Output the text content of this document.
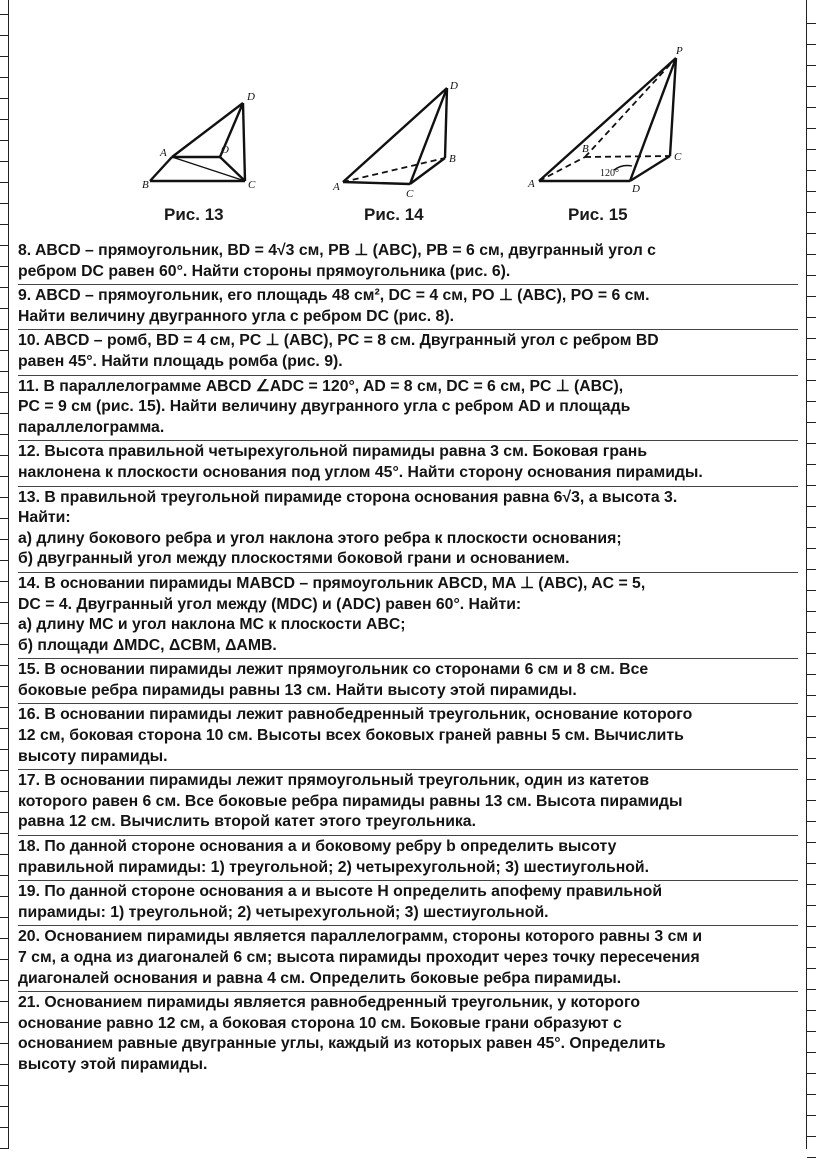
D
A	O
B	C
D
A
B
C
P
B
C
A	D
120°
Рис. 13	Рис. 14	Рис. 15
8. ABCD – прямоугольник, BD = 4√3 см, PB ⊥ (ABC), PB = 6 см, двугранный угол с
ребром DC равен 60°. Найти стороны прямоугольника (рис. 6).
9. ABCD – прямоугольник, его площадь 48 см², DC = 4 см, PO ⊥ (ABC), PO = 6 см.
Найти величину двугранного угла с ребром DC (рис. 8).
10. ABCD – ромб, BD = 4 см, PC ⊥ (ABC), PC = 8 см. Двугранный угол с ребром BD
равен 45°. Найти площадь ромба (рис. 9).
11. В параллелограмме ABCD ∠ADC = 120°, AD = 8 см, DC = 6 см, PC ⊥ (ABC),
PC = 9 см (рис. 15). Найти величину двугранного угла с ребром AD и площадь
параллелограмма.
12. Высота правильной четырехугольной пирамиды равна 3 см. Боковая грань
наклонена к плоскости основания под углом 45°. Найти сторону основания пирамиды.
13. В правильной треугольной пирамиде сторона основания равна 6√3, а высота 3.
Найти:
а) длину бокового ребра и угол наклона этого ребра к плоскости основания;
б) двугранный угол между плоскостями боковой грани и основанием.
14. В основании пирамиды MABCD – прямоугольник ABCD, MA ⊥ (ABC), AC = 5,
DC = 4. Двугранный угол между (MDC) и (ADC) равен 60°. Найти:
а) длину MC и угол наклона MC к плоскости ABC;
б) площади ΔMDC, ΔCBM, ΔAMB.
15. В основании пирамиды лежит прямоугольник со сторонами 6 см и 8 см. Все
боковые ребра пирамиды равны 13 см. Найти высоту этой пирамиды.
16. В основании пирамиды лежит равнобедренный треугольник, основание которого
12 см, боковая сторона 10 см. Высоты всех боковых граней равны 5 см. Вычислить
высоту пирамиды.
17. В основании пирамиды лежит прямоугольный треугольник, один из катетов
которого равен 6 см. Все боковые ребра пирамиды равны 13 см. Высота пирамиды
равна 12 см. Вычислить второй катет этого треугольника.
18. По данной стороне основания a и боковому ребру b определить высоту
правильной пирамиды: 1) треугольной; 2) четырехугольной; 3) шестиугольной.
19. По данной стороне основания a и высоте H определить апофему правильной
пирамиды: 1) треугольной; 2) четырехугольной; 3) шестиугольной.
20. Основанием пирамиды является параллелограмм, стороны которого равны 3 см и
7 см, а одна из диагоналей 6 см; высота пирамиды проходит через точку пересечения
диагоналей основания и равна 4 см. Определить боковые ребра пирамиды.
21. Основанием пирамиды является равнобедренный треугольник, у которого
основание равно 12 см, а боковая сторона 10 см. Боковые грани образуют с
основанием равные двугранные углы, каждый из которых равен 45°. Определить
высоту этой пирамиды.
